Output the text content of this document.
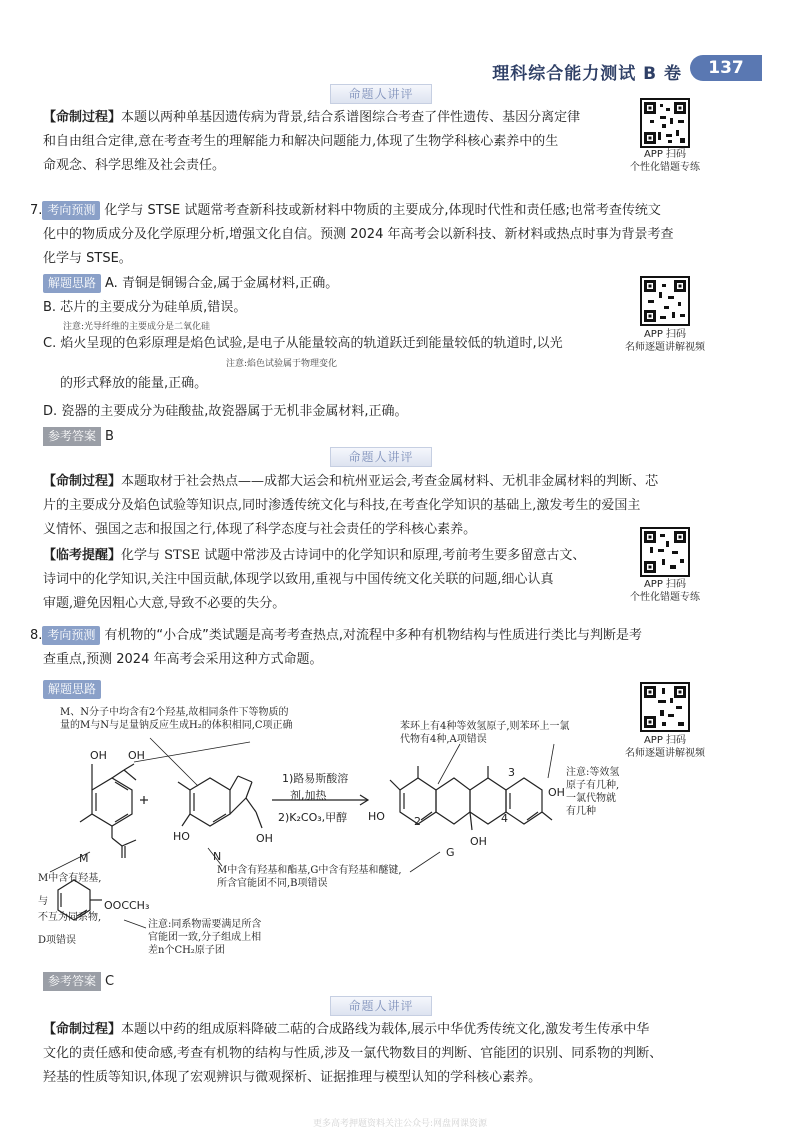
理科综合能力测试 B 卷	137
命题人讲评
【命制过程】本题以两种单基因遗传病为背景,结合系谱图综合考查了伴性遗传、基因分离定律
和自由组合定律,意在考查考生的理解能力和解决问题能力,体现了生物学科核心素养中的生
命观念、科学思维及社会责任。
APP 扫码
个性化错题专练
7. 考向预测 化学与 STSE 试题常考查新科技或新材料中物质的主要成分,体现时代性和责任感;也常考查传统文
化中的物质成分及化学原理分析,增强文化自信。预测 2024 年高考会以新科技、新材料或热点时事为背景考查
化学与 STSE。
解题思路 A. 青铜是铜锡合金,属于金属材料,正确。
B. 芯片的主要成分为硅单质,错误。
注意:光导纤维的主要成分是二氧化硅
C. 焰火呈现的色彩原理是焰色试验,是电子从能量较高的轨道跃迁到能量较低的轨道时,以光
注意:焰色试验属于物理变化
的形式释放的能量,正确。
D. 瓷器的主要成分为硅酸盐,故瓷器属于无机非金属材料,正确。
参考答案 B
APP 扫码
名师逐题讲解视频
命题人讲评
【命制过程】本题取材于社会热点——成都大运会和杭州亚运会,考查金属材料、无机非金属材料的判断、芯
片的主要成分及焰色试验等知识点,同时渗透传统文化与科技,在考查化学知识的基础上,激发考生的爱国主
义情怀、强国之志和报国之行,体现了科学态度与社会责任的学科核心素养。
【临考提醒】化学与 STSE 试题中常涉及古诗词中的化学知识和原理,考前考生要多留意古文、
诗词中的化学知识,关注中国贡献,体现学以致用,重视与中国传统文化关联的问题,细心认真
审题,避免因粗心大意,导致不必要的失分。
APP 扫码
个性化错题专练
8. 考向预测 有机物的“小合成”类试题是高考考查热点,对流程中多种有机物结构与性质进行类比与判断是考
查重点,预测 2024 年高考会采用这种方式命题。
解题思路
APP 扫码
名师逐题讲解视频
M、N分子中均含有2个羟基,故相同条件下等物质的
量的M与N与足量钠反应生成H₂的体积相同,C项正确	苯环上有4种等效氢原子,则苯环上一氯
代物有4种,A项错误
注意:等效氢
原子有几种,
一氯代物就
有几种
1)路易斯酸溶
剂,加热
2)K₂CO₃,甲醇
OH OH
HO	OH
HO
OH
OH
M	N	G
2
3
4
M中含有羟基和酯基,G中含有羟基和醚键,
所含官能团不同,B项错误
M中含有羟基,
与
不互为同系物,
D项错误
OOCCH₃
注意:同系物需要满足所含
官能团一致,分子组成上相
差n个CH₂原子团
参考答案 C
命题人讲评
【命制过程】本题以中药的组成原料降破二萜的合成路线为载体,展示中华优秀传统文化,激发考生传承中华
文化的责任感和使命感,考查有机物的结构与性质,涉及一氯代物数目的判断、官能团的识别、同系物的判断、
羟基的性质等知识,体现了宏观辨识与微观探析、证据推理与模型认知的学科核心素养。
更多高考押题资料关注公众号:网盘网课资源
